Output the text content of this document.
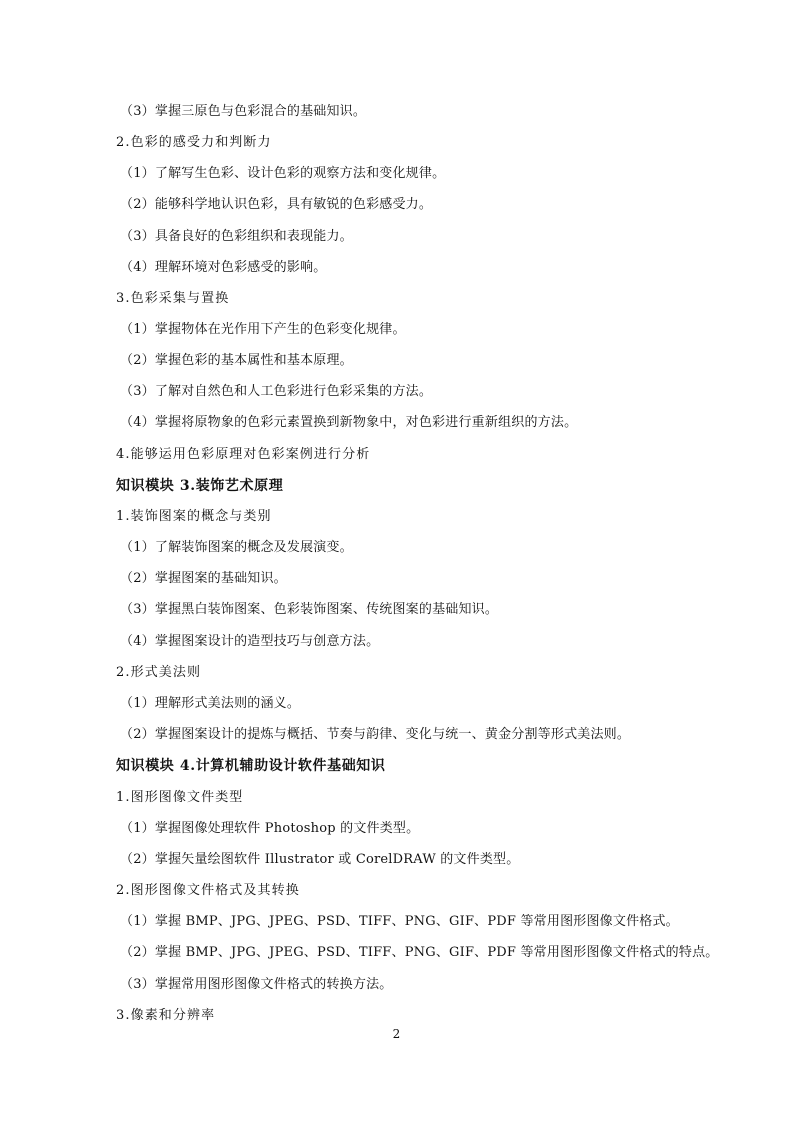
（3）掌握三原色与色彩混合的基础知识。
2.色彩的感受力和判断力
（1）了解写生色彩、设计色彩的观察方法和变化规律。
（2）能够科学地认识色彩，具有敏锐的色彩感受力。
（3）具备良好的色彩组织和表现能力。
（4）理解环境对色彩感受的影响。
3.色彩采集与置换
（1）掌握物体在光作用下产生的色彩变化规律。
（2）掌握色彩的基本属性和基本原理。
（3）了解对自然色和人工色彩进行色彩采集的方法。
（4）掌握将原物象的色彩元素置换到新物象中，对色彩进行重新组织的方法。
4.能够运用色彩原理对色彩案例进行分析
知识模块 3.装饰艺术原理
1.装饰图案的概念与类别
（1）了解装饰图案的概念及发展演变。
（2）掌握图案的基础知识。
（3）掌握黑白装饰图案、色彩装饰图案、传统图案的基础知识。
（4）掌握图案设计的造型技巧与创意方法。
2.形式美法则
（1）理解形式美法则的涵义。
（2）掌握图案设计的提炼与概括、节奏与韵律、变化与统一、黄金分割等形式美法则。
知识模块 4.计算机辅助设计软件基础知识
1.图形图像文件类型
（1）掌握图像处理软件 Photoshop 的文件类型。
（2）掌握矢量绘图软件 Illustrator 或 CorelDRAW 的文件类型。
2.图形图像文件格式及其转换
（1）掌握 BMP、JPG、JPEG、PSD、TIFF、PNG、GIF、PDF 等常用图形图像文件格式。
（2）掌握 BMP、JPG、JPEG、PSD、TIFF、PNG、GIF、PDF 等常用图形图像文件格式的特点。
（3）掌握常用图形图像文件格式的转换方法。
3.像素和分辨率
2
